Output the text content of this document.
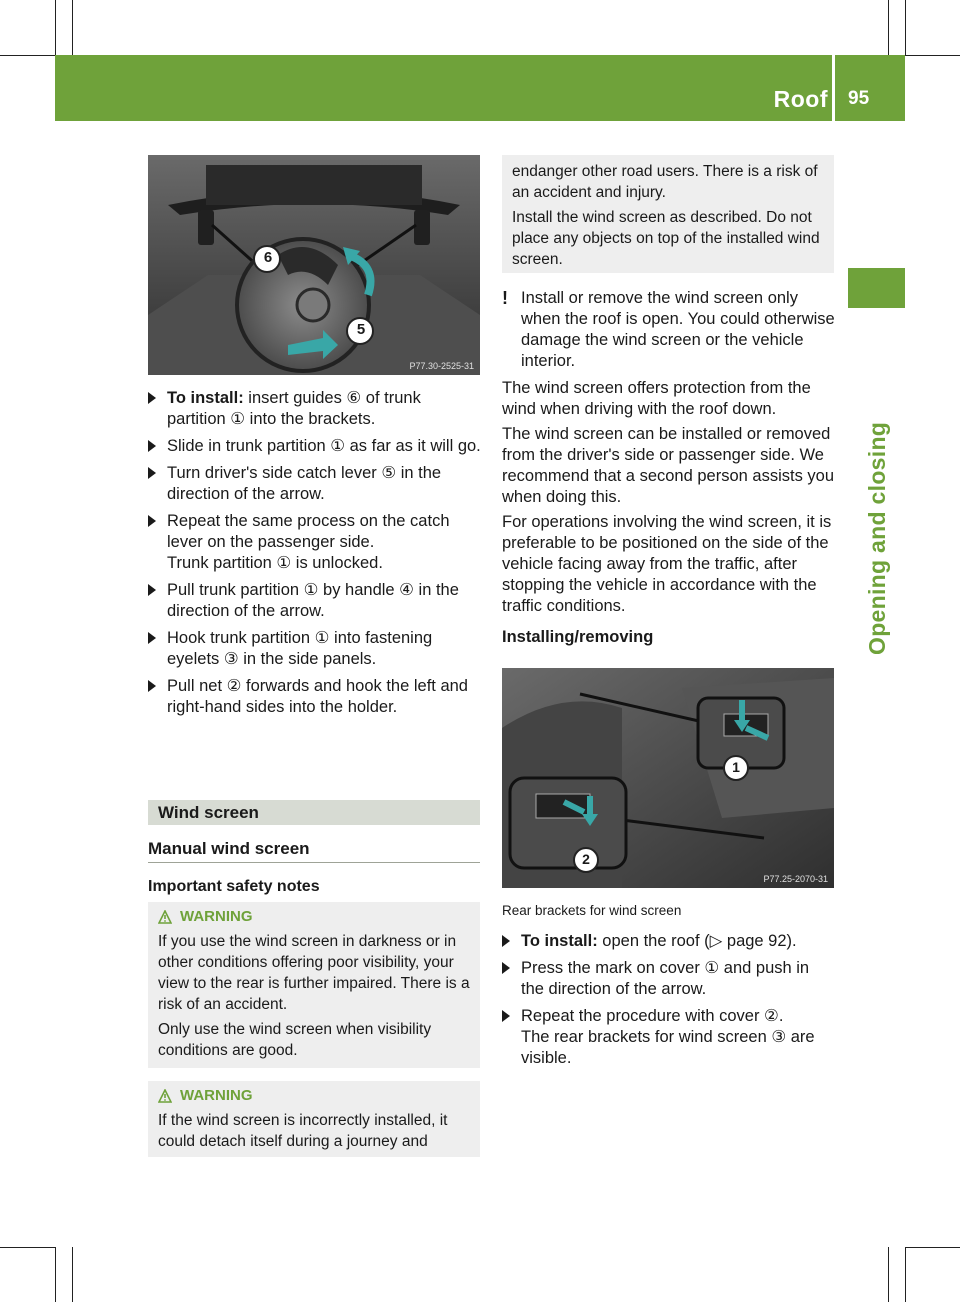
Roof 95
Opening and closing
6
5
P77.30-2525-31
To install: insert guides ⑥ of trunk partition ① into the brackets.
Slide in trunk partition ① as far as it will go.
Turn driver's side catch lever ⑤ in the direction of the arrow.
Repeat the same process on the catch lever on the passenger side.
Trunk partition ① is unlocked.
Pull trunk partition ① by handle ④ in the direction of the arrow.
Hook trunk partition ① into fastening eyelets ③ in the side panels.
Pull net ② forwards and hook the left and right-hand sides into the holder.
Wind screen
Manual wind screen
Important safety notes
WARNING

If you use the wind screen in darkness or in other conditions offering poor visibility, your view to the rear is further impaired. There is a risk of an accident.

Only use the wind screen when visibility conditions are good.

WARNING

If the wind screen is incorrectly installed, it could detach itself during a journey and

endanger other road users. There is a risk of an accident and injury.

Install the wind screen as described. Do not place any objects on top of the installed wind screen.

! Install or remove the wind screen only when the roof is open. You could otherwise damage the wind screen or the vehicle interior.

The wind screen offers protection from the wind when driving with the roof down.

The wind screen can be installed or removed from the driver's side or passenger side. We recommend that a second person assists you when doing this.

For operations involving the wind screen, it is preferable to be positioned on the side of the vehicle facing away from the traffic, after stopping the vehicle in accordance with the traffic conditions.

Installing/removing

1
2
P77.25-2070-31

Rear brackets for wind screen

To install: open the roof (▷ page 92).
Press the mark on cover ① and push in the direction of the arrow.
Repeat the procedure with cover ②.
The rear brackets for wind screen ③ are visible.
